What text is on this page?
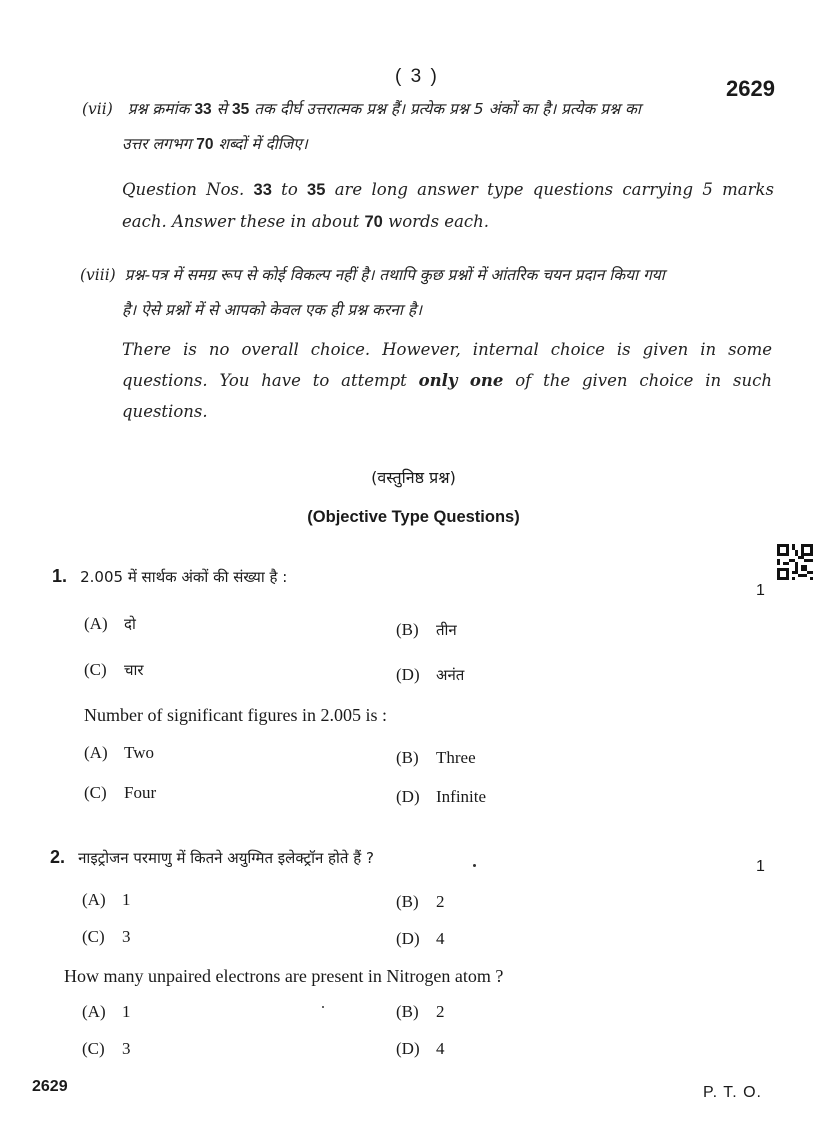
( 3 )	2629
(vii) प्रश्न क्रमांक 33 से 35 तक दीर्घ उत्तरात्मक प्रश्न हैं। प्रत्येक प्रश्न 5 अंकों का है। प्रत्येक प्रश्न का
उत्तर लगभग 70 शब्दों में दीजिए।
Question Nos. 33 to 35 are long answer type questions carrying 5 marks each. Answer these in about 70 words each.
(viii) प्रश्न-पत्र में समग्र रूप से कोई विकल्प नहीं है। तथापि कुछ प्रश्नों में आंतरिक चयन प्रदान किया गया
है। ऐसे प्रश्नों में से आपको केवल एक ही प्रश्न करना है।
There is no overall choice. However, internal choice is given in some questions. You have to attempt only one of the given choice in such questions.
(वस्तुनिष्ठ प्रश्न)
(Objective Type Questions)
1. 2.005 में सार्थक अंकों की संख्या है :
1
(A) दो	(B) तीन
(C) चार	(D) अनंत
Number of significant figures in 2.005 is :
(A) Two	(B) Three
(C) Four	(D) Infinite
2. नाइट्रोजन परमाणु में कितने अयुग्मित इलेक्ट्रॉन होते हैं ?	1
(A) 1	(B) 2
(C) 3	(D) 4
How many unpaired electrons are present in Nitrogen atom ?
(A) 1	(B) 2
(C) 3	(D) 4
2629	P. T. O.
